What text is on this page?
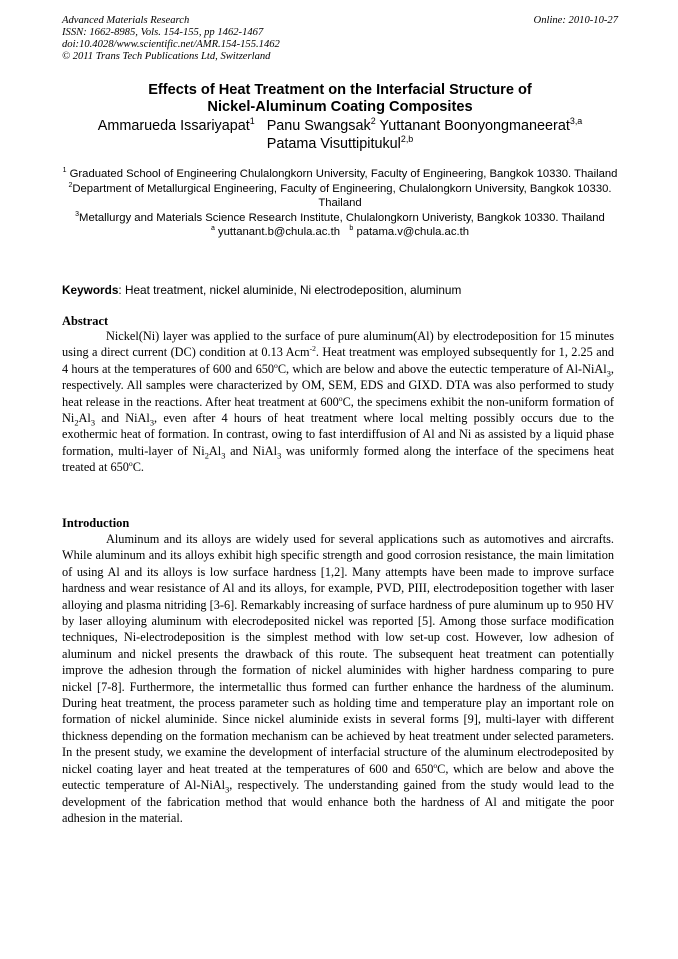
Advanced Materials Research
ISSN: 1662-8985, Vols. 154-155, pp 1462-1467
doi:10.4028/www.scientific.net/AMR.154-155.1462
© 2011 Trans Tech Publications Ltd, Switzerland
Online: 2010-10-27
Effects of Heat Treatment on the Interfacial Structure of
Nickel-Aluminum Coating Composites
Ammarueda Issariyapat$^1$ Panu Swangsak$^2$ Yuttanant Boonyongmaneerat$^{3,a}$
Patama Visuttipitukul$^{2,b}$
$^1$ Graduated School of Engineering Chulalongkorn University, Faculty of Engineering, Bangkok 10330. Thailand
$^2$Department of Metallurgical Engineering, Faculty of Engineering, Chulalongkorn University, Bangkok 10330. Thailand
$^3$Metallurgy and Materials Science Research Institute, Chulalongkorn Univeristy, Bangkok 10330. Thailand
$^a$ yuttanant.b@chula.ac.th $^b$ patama.v@chula.ac.th
Keywords: Heat treatment, nickel aluminide, Ni electrodeposition, aluminum
Abstract
Nickel(Ni) layer was applied to the surface of pure aluminum(Al) by electrodeposition for 15 minutes using a direct current (DC) condition at 0.13 Acm$^{-2}$. Heat treatment was employed subsequently for 1, 2.25 and 4 hours at the temperatures of 600 and 650$^o$C, which are below and above the eutectic temperature of Al-NiAl$_3$, respectively. All samples were characterized by OM, SEM, EDS and GIXD. DTA was also performed to study heat release in the reactions. After heat treatment at 600$^o$C, the specimens exhibit the non-uniform formation of $Ni_2Al_3$ and NiAl$_3$, even after 4 hours of heat treatment where local melting possibly occurs due to the exothermic heat of formation. In contrast, owing to fast interdiffusion of Al and Ni as assisted by a liquid phase formation, multi-layer of $Ni_2Al_3$ and NiAl$_3$ was uniformly formed along the interface of the specimens heat treated at 650$^o$C.
Introduction
Aluminum and its alloys are widely used for several applications such as automotives and aircrafts. While aluminum and its alloys exhibit high specific strength and good corrosion resistance, the main limitation of using Al and its alloys is low surface hardness [1,2]. Many attempts have been made to improve surface hardness and wear resistance of Al and its alloys, for example, PVD, PIII, electrodeposition together with laser alloying and plasma nitriding [3-6]. Remarkably increasing of surface hardness of pure aluminum up to 950 HV by laser alloying aluminum with elecrodeposited nickel was reported [5]. Among those surface modification techniques, Ni-electrodeposition is the simplest method with low set-up cost. However, low adhesion of aluminum and nickel presents the drawback of this route. The subsequent heat treatment can potentially improve the adhesion through the formation of nickel aluminides with higher hardness comparing to pure nickel [7-8]. Furthermore, the intermetallic thus formed can further enhance the hardness of the aluminum. During heat treatment, the process parameter such as holding time and temperature play an important role on formation of nickel aluminide. Since nickel aluminide exists in several forms [9], multi-layer with different thickness depending on the formation mechanism can be achieved by heat treatment under selected parameters. In the present study, we examine the development of interfacial structure of the aluminum electrodeposited by nickel coating layer and heat treated at the temperatures of 600 and 650$^o$C, which are below and above the eutectic temperature of Al-NiAl$_3$, respectively. The understanding gained from the study would lead to the development of the fabrication method that would enhance both the hardness of Al and mitigate the poor adhesion in the material.
